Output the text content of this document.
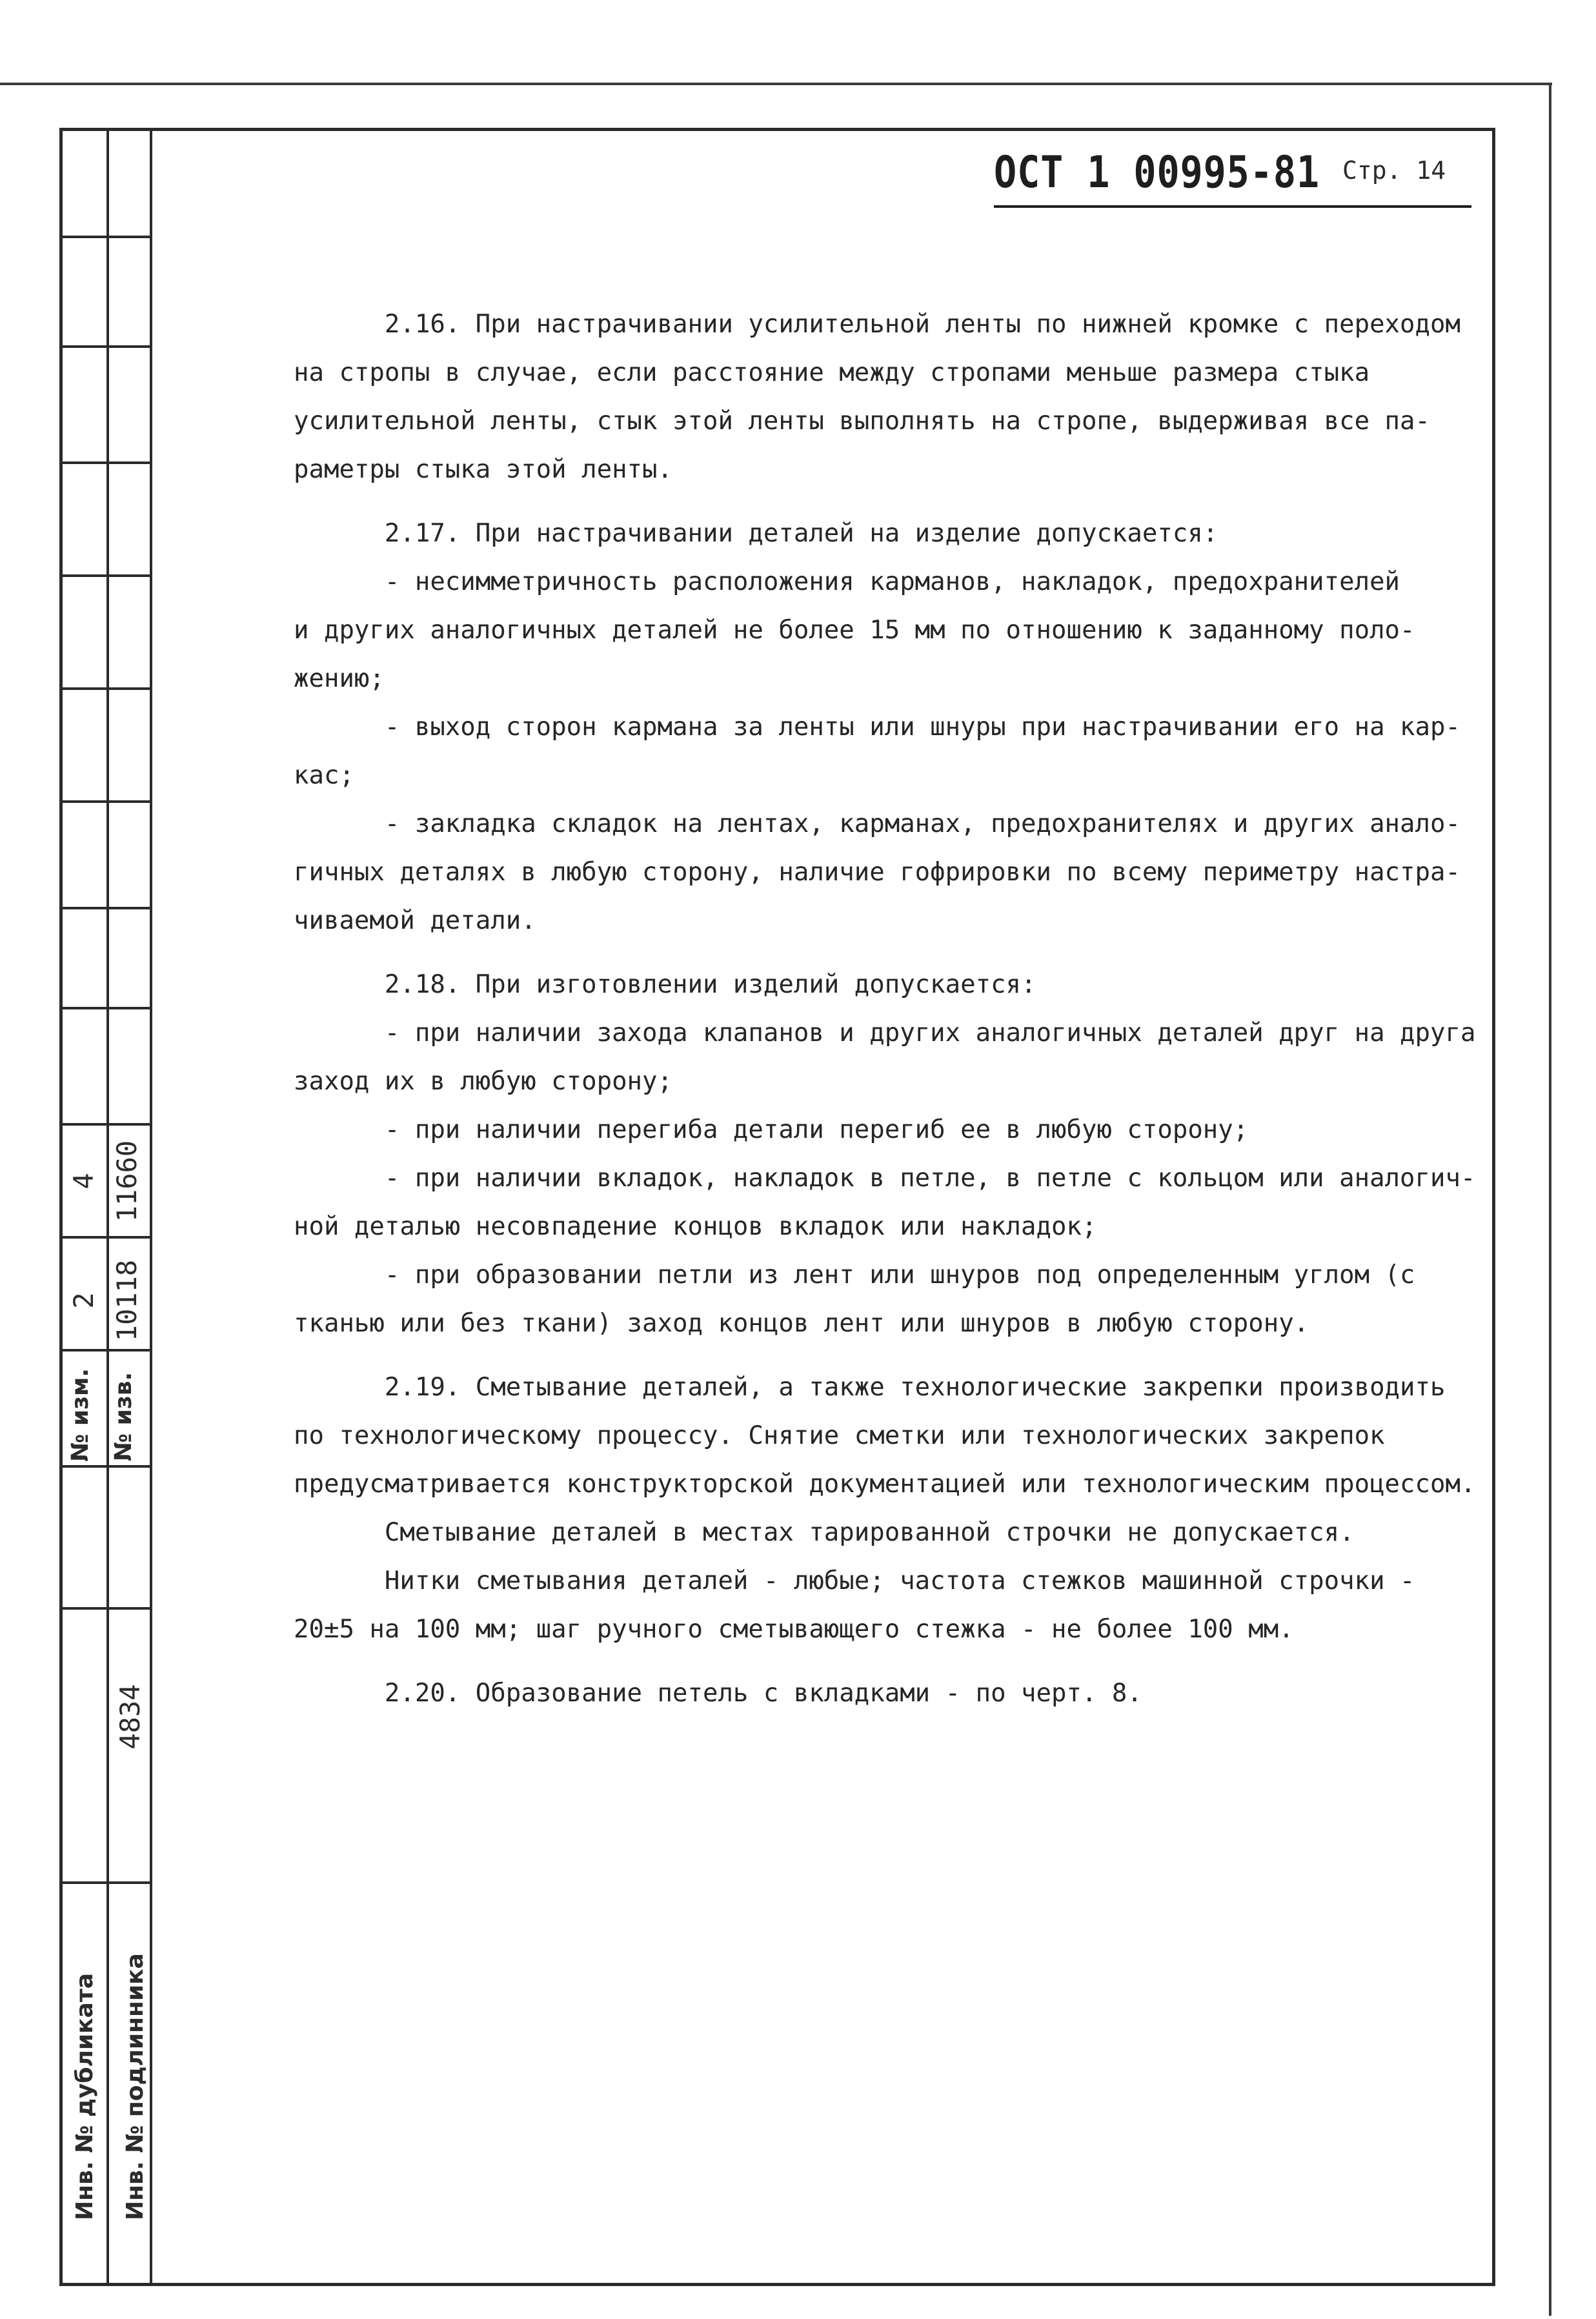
№ изм. № изв.
2
4
10118
11660
4834
Инв. № дубликата Инв. № подлинника
ОСТ 1 00995-81 Стр. 14
2.16. При настрачивании усилительной ленты по нижней кромке с переходом
на стропы в случае, если расстояние между стропами меньше размера стыка
усилительной ленты, стык этой ленты выполнять на стропе, выдерживая все па-
раметры стыка этой ленты.
2.17. При настрачивании деталей на изделие допускается:
- несимметричность расположения карманов, накладок, предохранителей
и других аналогичных деталей не более 15 мм по отношению к заданному поло-
жению;
- выход сторон кармана за ленты или шнуры при настрачивании его на кар-
кас;
- закладка складок на лентах, карманах, предохранителях и других анало-
гичных деталях в любую сторону, наличие гофрировки по всему периметру настра-
чиваемой детали.
2.18. При изготовлении изделий допускается:
- при наличии захода клапанов и других аналогичных деталей друг на друга
заход их в любую сторону;
- при наличии перегиба детали перегиб ее в любую сторону;
- при наличии вкладок, накладок в петле, в петле с кольцом или аналогич-
ной деталью несовпадение концов вкладок или накладок;
- при образовании петли из лент или шнуров под определенным углом (с
тканью или без ткани) заход концов лент или шнуров в любую сторону.
2.19. Сметывание деталей, а также технологические закрепки производить
по технологическому процессу. Снятие сметки или технологических закрепок
предусматривается конструкторской документацией или технологическим процессом.
Сметывание деталей в местах тарированной строчки не допускается.
Нитки сметывания деталей - любые; частота стежков машинной строчки -
20±5 на 100 мм; шаг ручного сметывающего стежка - не более 100 мм.
2.20. Образование петель с вкладками - по черт. 8.
